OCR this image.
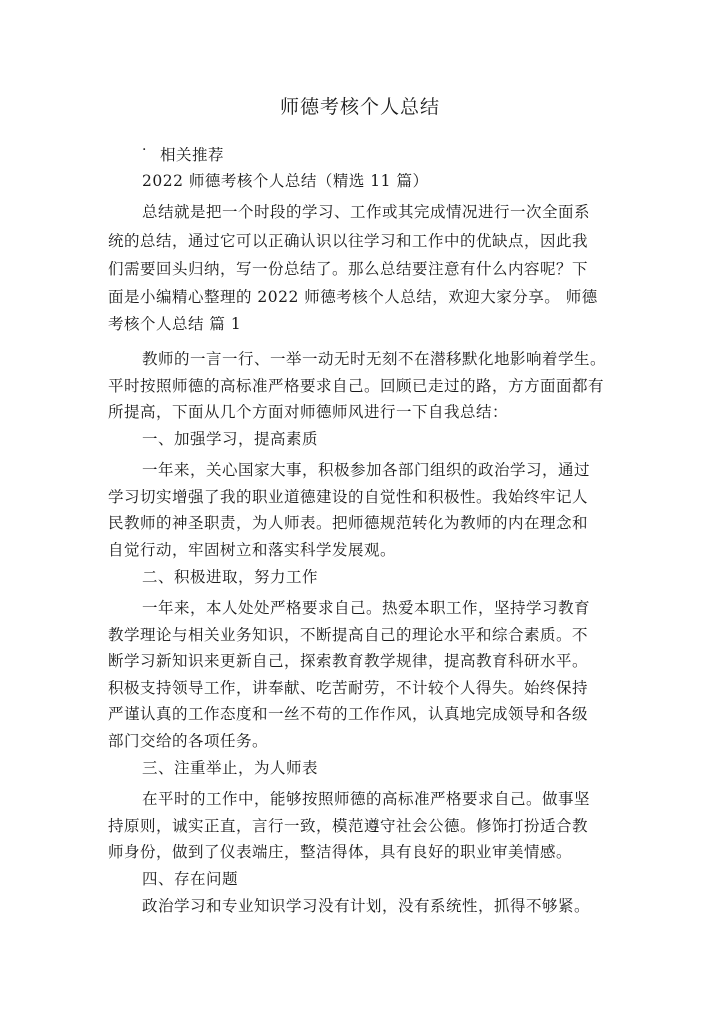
师德考核个人总结
· 相关推荐
2022 师德考核个人总结（精选 11 篇）
总结就是把一个时段的学习、工作或其完成情况进行一次全面系
统的总结，通过它可以正确认识以往学习和工作中的优缺点，因此我
们需要回头归纳，写一份总结了。那么总结要注意有什么内容呢？下
面是小编精心整理的 2022 师德考核个人总结，欢迎大家分享。 师德
考核个人总结 篇 1
教师的一言一行、一举一动无时无刻不在潜移默化地影响着学生。
平时按照师德的高标准严格要求自己。回顾已走过的路，方方面面都有
所提高，下面从几个方面对师德师风进行一下自我总结：
一、加强学习，提高素质
一年来，关心国家大事，积极参加各部门组织的政治学习，通过
学习切实增强了我的职业道德建设的自觉性和积极性。我始终牢记人
民教师的神圣职责，为人师表。把师德规范转化为教师的内在理念和
自觉行动，牢固树立和落实科学发展观。
二、积极进取，努力工作
一年来，本人处处严格要求自己。热爱本职工作，坚持学习教育
教学理论与相关业务知识，不断提高自己的理论水平和综合素质。不
断学习新知识来更新自己，探索教育教学规律，提高教育科研水平。
积极支持领导工作，讲奉献、吃苦耐劳，不计较个人得失。始终保持
严谨认真的工作态度和一丝不苟的工作作风，认真地完成领导和各级
部门交给的各项任务。
三、注重举止，为人师表
在平时的工作中，能够按照师德的高标准严格要求自己。做事坚
持原则，诚实正直，言行一致，模范遵守社会公德。修饰打扮适合教
师身份，做到了仪表端庄，整洁得体，具有良好的职业审美情感。
四、存在问题
政治学习和专业知识学习没有计划，没有系统性，抓得不够紧。
